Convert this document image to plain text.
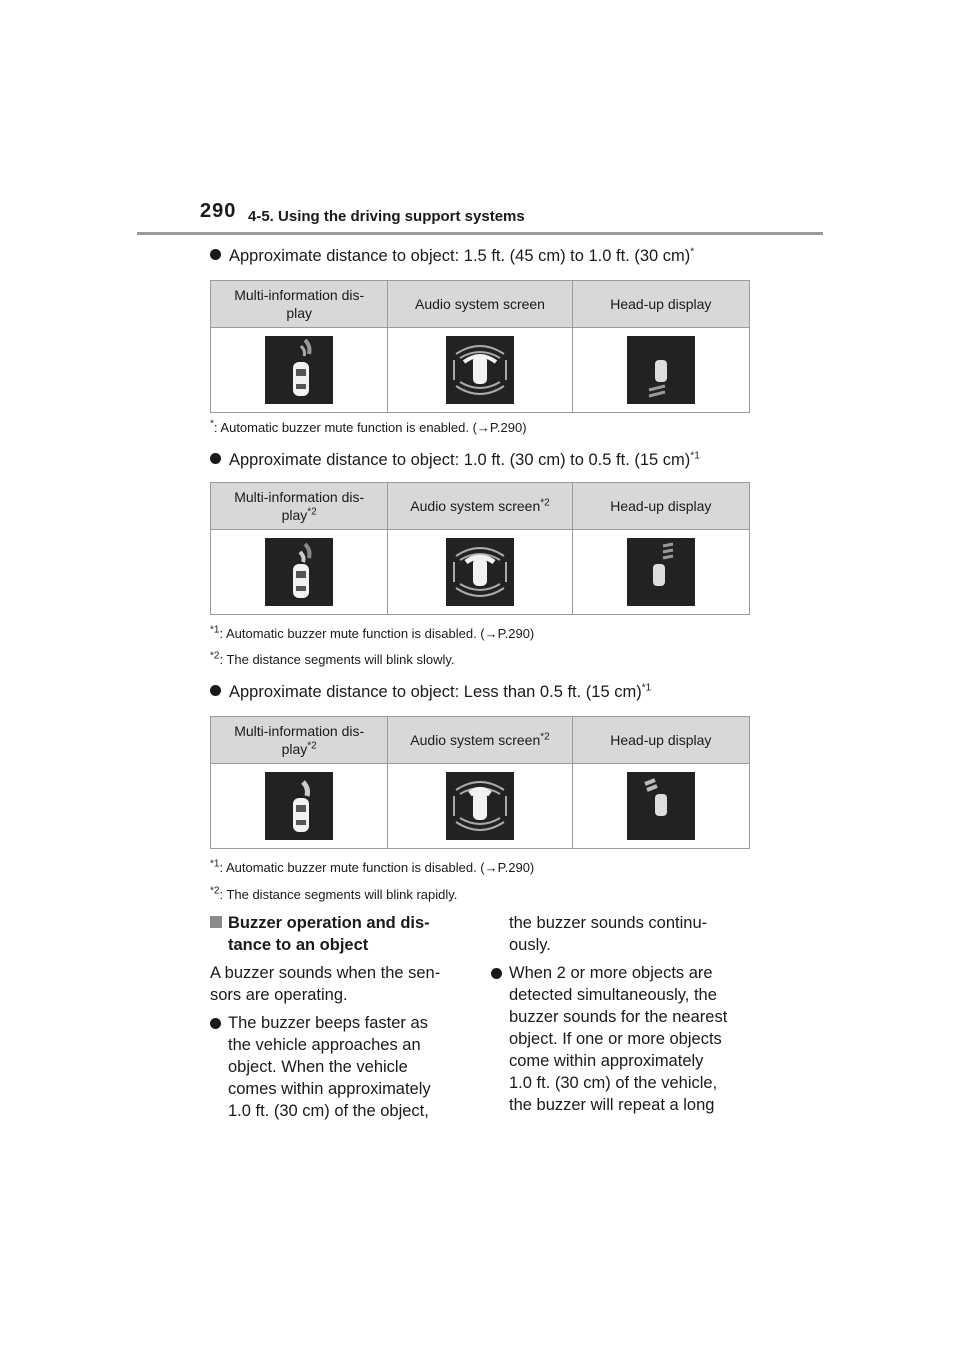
290 4-5. Using the driving support systems
Approximate distance to object: 1.5 ft. (45 cm) to 1.0 ft. (30 cm)*
Multi-information dis-
play	Audio system screen	Head-up display

*: Automatic buzzer mute function is enabled. (→P.290)
Approximate distance to object: 1.0 ft. (30 cm) to 0.5 ft. (15 cm)$^{*1}$
Multi-information dis-
play$^{*2}$	Audio system screen$^{*2}$	Head-up display

$^{*1}$: Automatic buzzer mute function is disabled. (→P.290)
$^{*2}$: The distance segments will blink slowly.
Approximate distance to object: Less than 0.5 ft. (15 cm)$^{*1}$
Multi-information dis-
play$^{*2}$	Audio system screen$^{*2}$	Head-up display

$^{*1}$: Automatic buzzer mute function is disabled. (→P.290)
$^{*2}$: The distance segments will blink rapidly.
Buzzer operation and dis-
tance to an object
A buzzer sounds when the sen-
sors are operating.
The buzzer beeps faster as
the vehicle approaches an
object. When the vehicle
comes within approximately
1.0 ft. (30 cm) of the object,
the buzzer sounds continu-
ously.
When 2 or more objects are
detected simultaneously, the
buzzer sounds for the nearest
object. If one or more objects
come within approximately
1.0 ft. (30 cm) of the vehicle,
the buzzer will repeat a long
